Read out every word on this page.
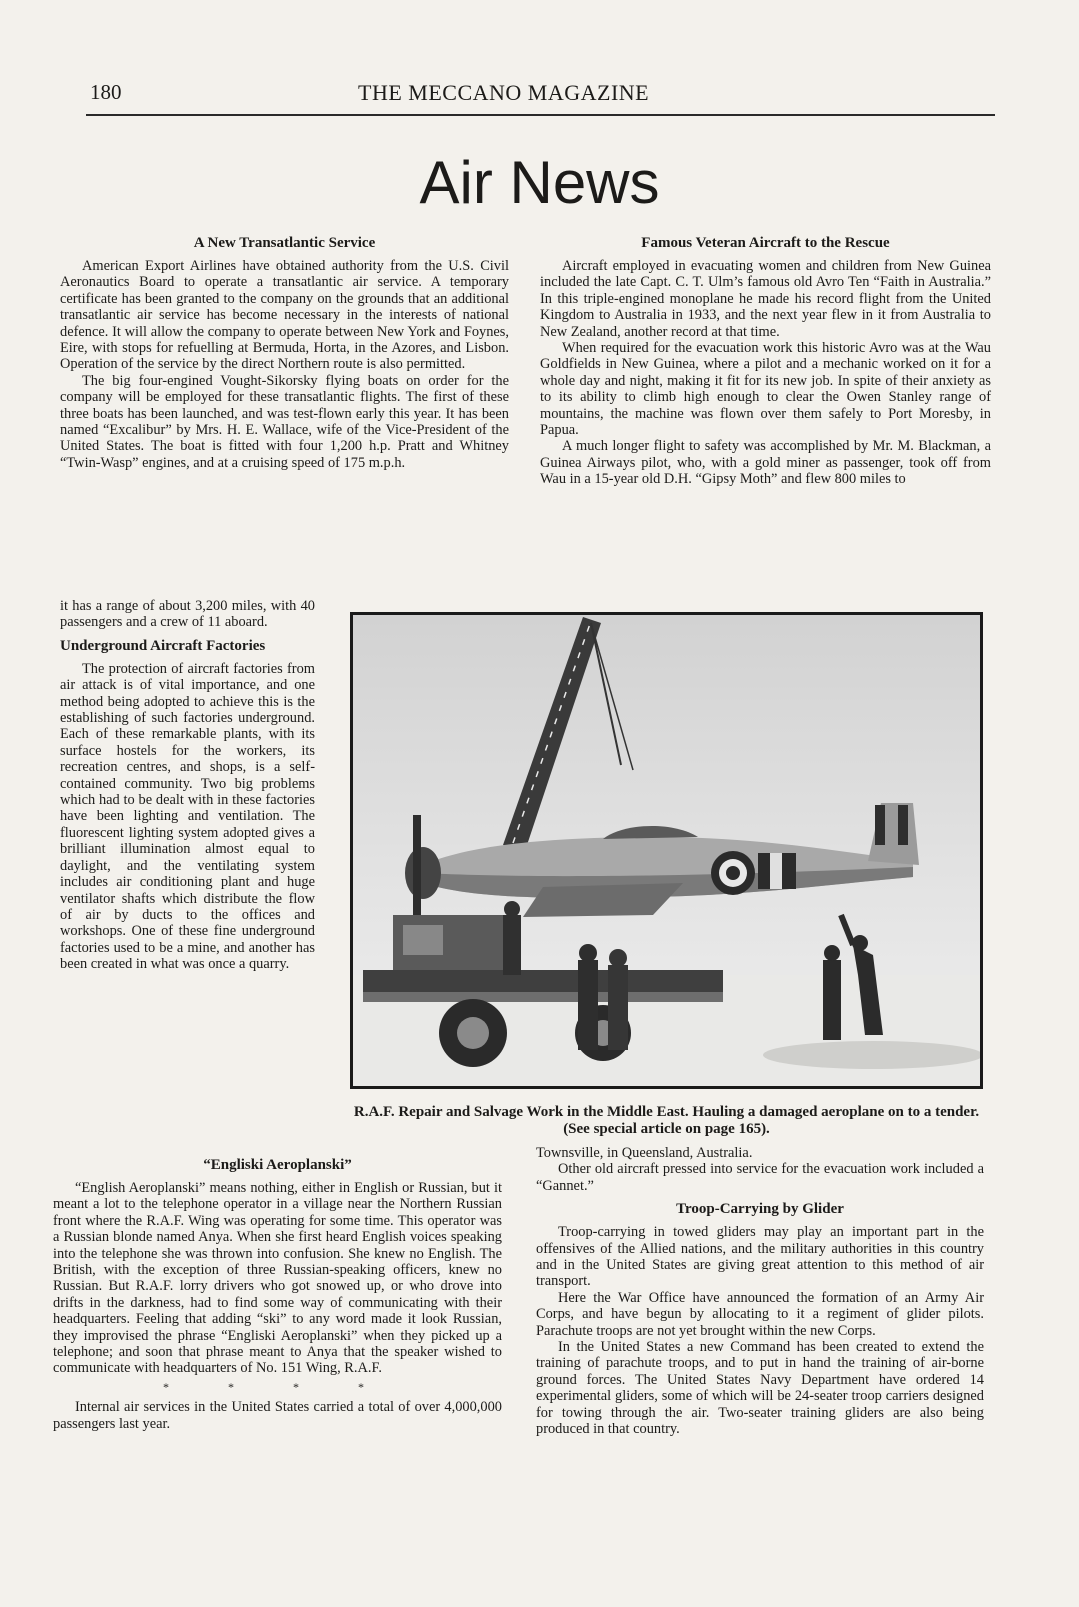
180	THE MECCANO MAGAZINE
Air News
A New Transatlantic Service

American Export Airlines have obtained authority from the U.S. Civil Aeronautics Board to operate a transatlantic air service. A temporary certificate has been granted to the company on the grounds that an additional transatlantic air service has become necessary in the interests of national defence. It will allow the company to operate between New York and Foynes, Eire, with stops for refuelling at Bermuda, Horta, in the Azores, and Lisbon. Operation of the service by the direct Northern route is also permitted.

The big four-engined Vought-Sikorsky flying boats on order for the company will be employed for these transatlantic flights. The first of these three boats has been launched, and was test-flown early this year. It has been named “Excalibur” by Mrs. H. E. Wallace, wife of the Vice-President of the United States. The boat is fitted with four 1,200 h.p. Pratt and Whitney “Twin-Wasp” engines, and at a cruising speed of 175 m.p.h.

it has a range of about 3,200 miles, with 40 passengers and a crew of 11 aboard.

Underground Aircraft Factories

The protection of aircraft factories from air attack is of vital importance, and one method being adopted to achieve this is the establishing of such factories underground. Each of these remarkable plants, with its surface hostels for the workers, its recreation centres, and shops, is a self-contained community. Two big problems which had to be dealt with in these factories have been lighting and ventilation. The fluorescent lighting system adopted gives a brilliant illumination almost equal to daylight, and the ventilating system includes air conditioning plant and huge ventilator shafts which distribute the flow of air by ducts to the offices and workshops. One of these fine underground factories used to be a mine, and another has been created in what was once a quarry.

“Engliski Aeroplanski”

“English Aeroplanski” means nothing, either in English or Russian, but it meant a lot to the telephone operator in a village near the Northern Russian front where the R.A.F. Wing was operating for some time. This operator was a Russian blonde named Anya. When she first heard English voices speaking into the telephone she was thrown into confusion. She knew no English. The British, with the exception of three Russian-speaking officers, knew no Russian. But R.A.F. lorry drivers who got snowed up, or who drove into drifts in the darkness, had to find some way of communicating with their headquarters. Feeling that adding “ski” to any word made it look Russian, they improvised the phrase “Engliski Aeroplanski” when they picked up a telephone; and soon that phrase meant to Anya that the speaker wished to communicate with headquarters of No. 151 Wing, R.A.F.

* * * *

Internal air services in the United States carried a total of over 4,000,000 passengers last year.

Famous Veteran Aircraft to the Rescue

Aircraft employed in evacuating women and children from New Guinea included the late Capt. C. T. Ulm’s famous old Avro Ten “Faith in Australia.” In this triple-engined monoplane he made his record flight from the United Kingdom to Australia in 1933, and the next year flew in it from Australia to New Zealand, another record at that time.

When required for the evacuation work this historic Avro was at the Wau Goldfields in New Guinea, where a pilot and a mechanic worked on it for a whole day and night, making it fit for its new job. In spite of their anxiety as to its ability to climb high enough to clear the Owen Stanley range of mountains, the machine was flown over them safely to Port Moresby, in Papua.

A much longer flight to safety was accomplished by Mr. M. Blackman, a Guinea Airways pilot, who, with a gold miner as passenger, took off from Wau in a 15-year old D.H. “Gipsy Moth” and flew 800 miles to

R.A.F. Repair and Salvage Work in the Middle East. Hauling a damaged aeroplane on to a tender. (See special article on page 165).

Townsville, in Queensland, Australia.

Other old aircraft pressed into service for the evacuation work included a “Gannet.”

Troop-Carrying by Glider

Troop-carrying in towed gliders may play an important part in the offensives of the Allied nations, and the military authorities in this country and in the United States are giving great attention to this method of air transport.

Here the War Office have announced the formation of an Army Air Corps, and have begun by allocating to it a regiment of glider pilots. Parachute troops are not yet brought within the new Corps.

In the United States a new Command has been created to extend the training of parachute troops, and to put in hand the training of air-borne ground forces. The United States Navy Department have ordered 14 experimental gliders, some of which will be 24-seater troop carriers designed for towing through the air. Two-seater training gliders are also being produced in that country.
